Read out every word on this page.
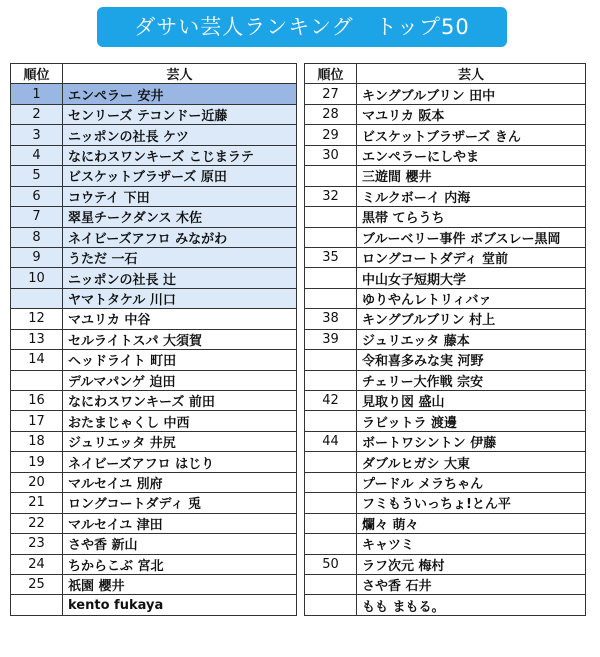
ダサい芸人ランキング　トップ50
順位	芸人
1	エンペラー 安井
2	センリーズ テコンドー近藤
3	ニッポンの社長 ケツ
4	なにわスワンキーズ こじまラテ
5	ビスケットブラザーズ 原田
6	コウテイ 下田
7	翠星チークダンス 木佐
8	ネイビーズアフロ みながわ
9	うただ 一石
10	ニッポンの社長 辻
	ヤマトタケル 川口
12	マユリカ 中谷
13	セルライトスパ 大須賀
14	ヘッドライト 町田
	デルマパンゲ 迫田
16	なにわスワンキーズ 前田
17	おたまじゃくし 中西
18	ジュリエッタ 井尻
19	ネイビーズアフロ はじり
20	マルセイユ 別府
21	ロングコートダディ 兎
22	マルセイユ 津田
23	さや香 新山
24	ちからこぶ 宮北
25	祇園 櫻井
	kento fukaya
順位	芸人
27	キングブルブリン 田中
28	マユリカ 阪本
29	ビスケットブラザーズ きん
30	エンペラーにしやま
	三遊間 櫻井
32	ミルクボーイ 内海
	黒帯 てらうち
	ブルーベリー事件 ボブスレー黒岡
35	ロングコートダディ 堂前
	中山女子短期大学
	ゆりやんレトリィバァ
38	キングブルブリン 村上
39	ジュリエッタ 藤本
	令和喜多みな実 河野
	チェリー大作戦 宗安
42	見取り図 盛山
	ラビットラ 渡邊
44	ボートワシントン 伊藤
	ダブルヒガシ 大東
	プードル メラちゃん
	フミもういっちょ!とん平
	爛々 萌々
	キャツミ
50	ラフ次元 梅村
	さや香 石井
	もも まもる。
